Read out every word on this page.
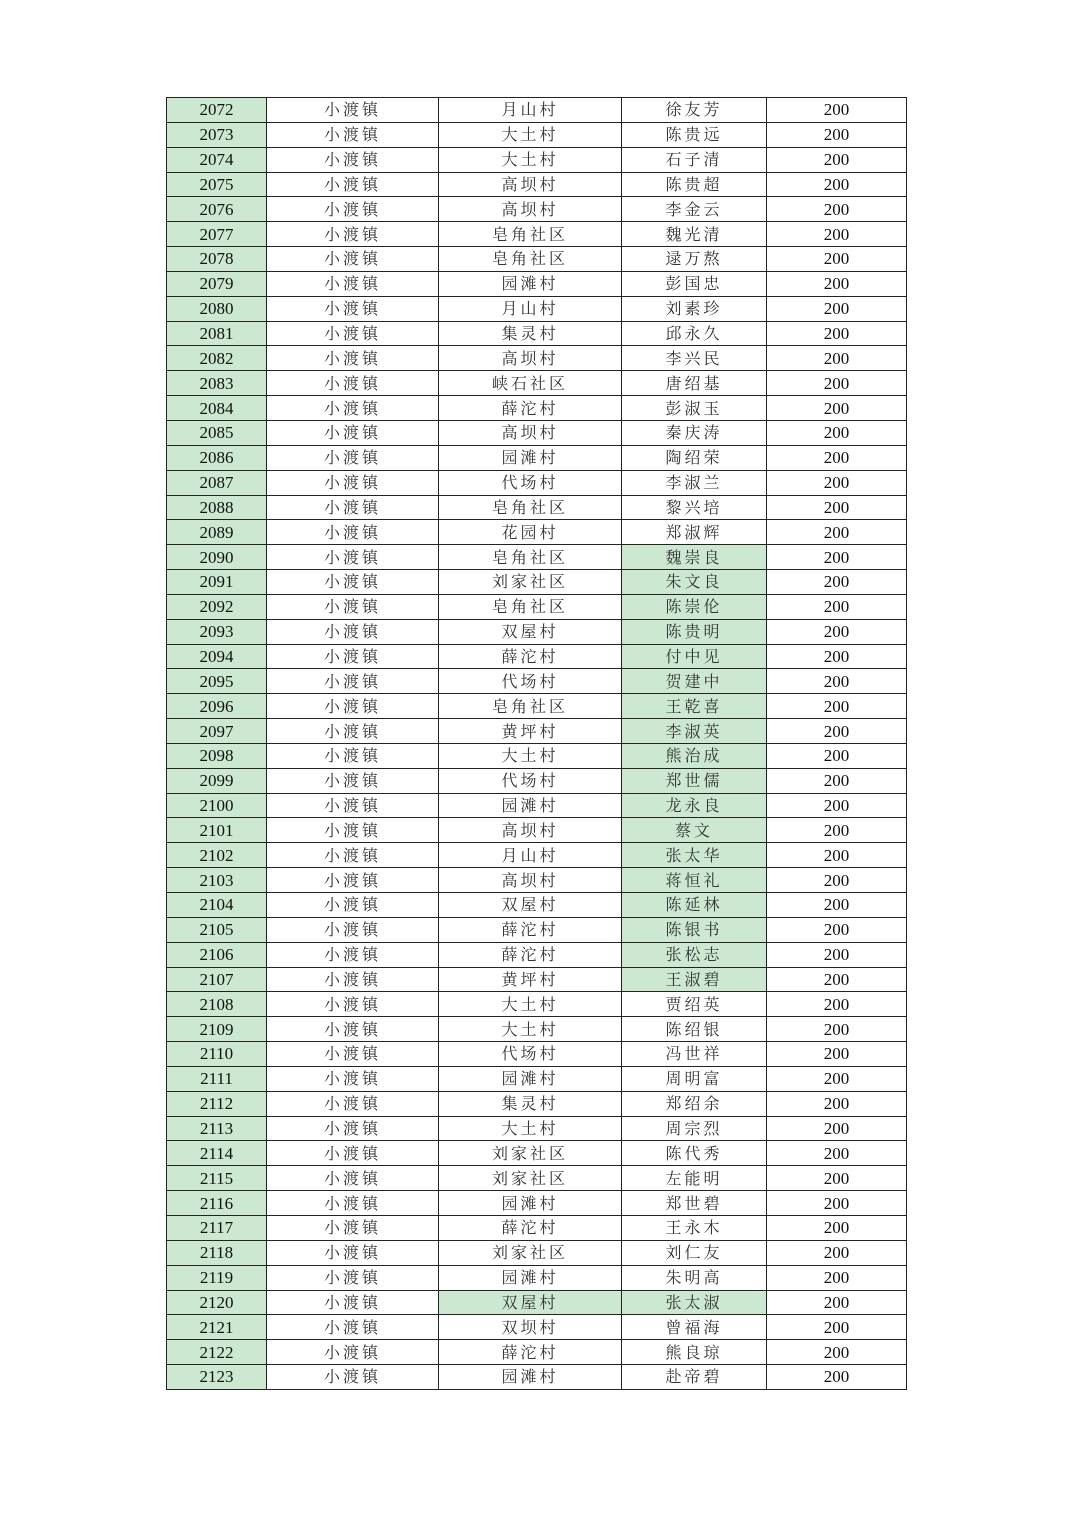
2072	小渡镇	月山村	徐友芳	200
2073	小渡镇	大土村	陈贵远	200
2074	小渡镇	大土村	石子清	200
2075	小渡镇	高坝村	陈贵超	200
2076	小渡镇	高坝村	李金云	200
2077	小渡镇	皂角社区	魏光清	200
2078	小渡镇	皂角社区	逯万熬	200
2079	小渡镇	园滩村	彭国忠	200
2080	小渡镇	月山村	刘素珍	200
2081	小渡镇	集灵村	邱永久	200
2082	小渡镇	高坝村	李兴民	200
2083	小渡镇	峡石社区	唐绍基	200
2084	小渡镇	薛沱村	彭淑玉	200
2085	小渡镇	高坝村	秦庆涛	200
2086	小渡镇	园滩村	陶绍荣	200
2087	小渡镇	代场村	李淑兰	200
2088	小渡镇	皂角社区	黎兴培	200
2089	小渡镇	花园村	郑淑辉	200
2090	小渡镇	皂角社区	魏崇良	200
2091	小渡镇	刘家社区	朱文良	200
2092	小渡镇	皂角社区	陈崇伦	200
2093	小渡镇	双屋村	陈贵明	200
2094	小渡镇	薛沱村	付中见	200
2095	小渡镇	代场村	贺建中	200
2096	小渡镇	皂角社区	王乾喜	200
2097	小渡镇	黄坪村	李淑英	200
2098	小渡镇	大土村	熊治成	200
2099	小渡镇	代场村	郑世儒	200
2100	小渡镇	园滩村	龙永良	200
2101	小渡镇	高坝村	蔡文	200
2102	小渡镇	月山村	张太华	200
2103	小渡镇	高坝村	蒋恒礼	200
2104	小渡镇	双屋村	陈延林	200
2105	小渡镇	薛沱村	陈银书	200
2106	小渡镇	薛沱村	张松志	200
2107	小渡镇	黄坪村	王淑碧	200
2108	小渡镇	大土村	贾绍英	200
2109	小渡镇	大土村	陈绍银	200
2110	小渡镇	代场村	冯世祥	200
2111	小渡镇	园滩村	周明富	200
2112	小渡镇	集灵村	郑绍余	200
2113	小渡镇	大土村	周宗烈	200
2114	小渡镇	刘家社区	陈代秀	200
2115	小渡镇	刘家社区	左能明	200
2116	小渡镇	园滩村	郑世碧	200
2117	小渡镇	薛沱村	王永木	200
2118	小渡镇	刘家社区	刘仁友	200
2119	小渡镇	园滩村	朱明高	200
2120	小渡镇	双屋村	张太淑	200
2121	小渡镇	双坝村	曾福海	200
2122	小渡镇	薛沱村	熊良琼	200
2123	小渡镇	园滩村	赴帝碧	200
